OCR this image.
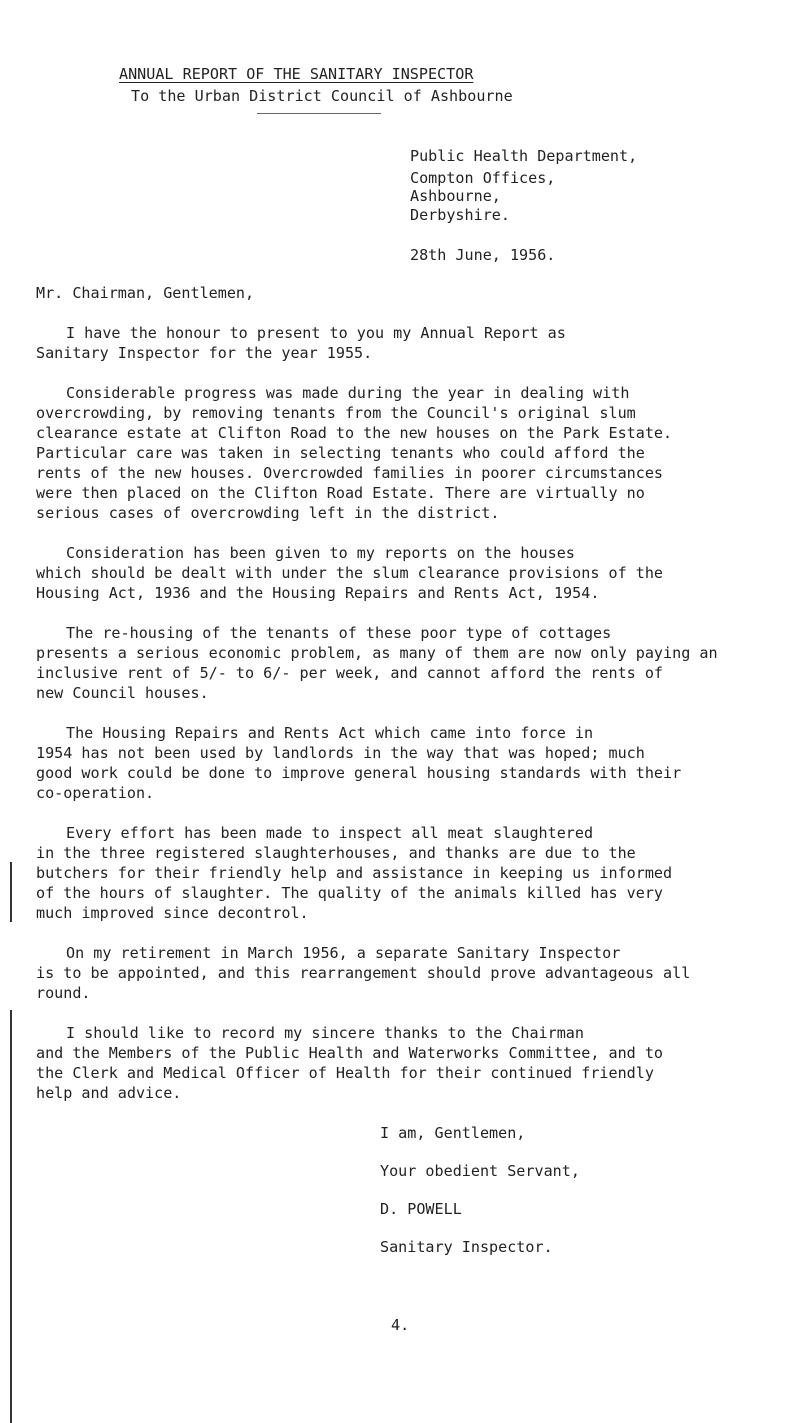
ANNUAL REPORT OF THE SANITARY INSPECTOR
To the Urban District Council of Ashbourne
Public Health Department,
Compton Offices,
Ashbourne,
Derbyshire.
28th June, 1956.
Mr. Chairman, Gentlemen,
I have the honour to present to you my Annual Report as
Sanitary Inspector for the year 1955.
Considerable progress was made during the year in dealing with
overcrowding, by removing tenants from the Council's original slum
clearance estate at Clifton Road to the new houses on the Park Estate.
Particular care was taken in selecting tenants who could afford the
rents of the new houses. Overcrowded families in poorer circumstances
were then placed on the Clifton Road Estate. There are virtually no
serious cases of overcrowding left in the district.
Consideration has been given to my reports on the houses
which should be dealt with under the slum clearance provisions of the
Housing Act, 1936 and the Housing Repairs and Rents Act, 1954.
The re-housing of the tenants of these poor type of cottages
presents a serious economic problem, as many of them are now only paying an
inclusive rent of 5/- to 6/- per week, and cannot afford the rents of
new Council houses.
The Housing Repairs and Rents Act which came into force in
1954 has not been used by landlords in the way that was hoped; much
good work could be done to improve general housing standards with their
co-operation.
Every effort has been made to inspect all meat slaughtered
in the three registered slaughterhouses, and thanks are due to the
butchers for their friendly help and assistance in keeping us informed
of the hours of slaughter. The quality of the animals killed has very
much improved since decontrol.
On my retirement in March 1956, a separate Sanitary Inspector
is to be appointed, and this rearrangement should prove advantageous all
round.
I should like to record my sincere thanks to the Chairman
and the Members of the Public Health and Waterworks Committee, and to
the Clerk and Medical Officer of Health for their continued friendly
help and advice.
I am, Gentlemen,
Your obedient Servant,
D. POWELL
Sanitary Inspector.
4.
